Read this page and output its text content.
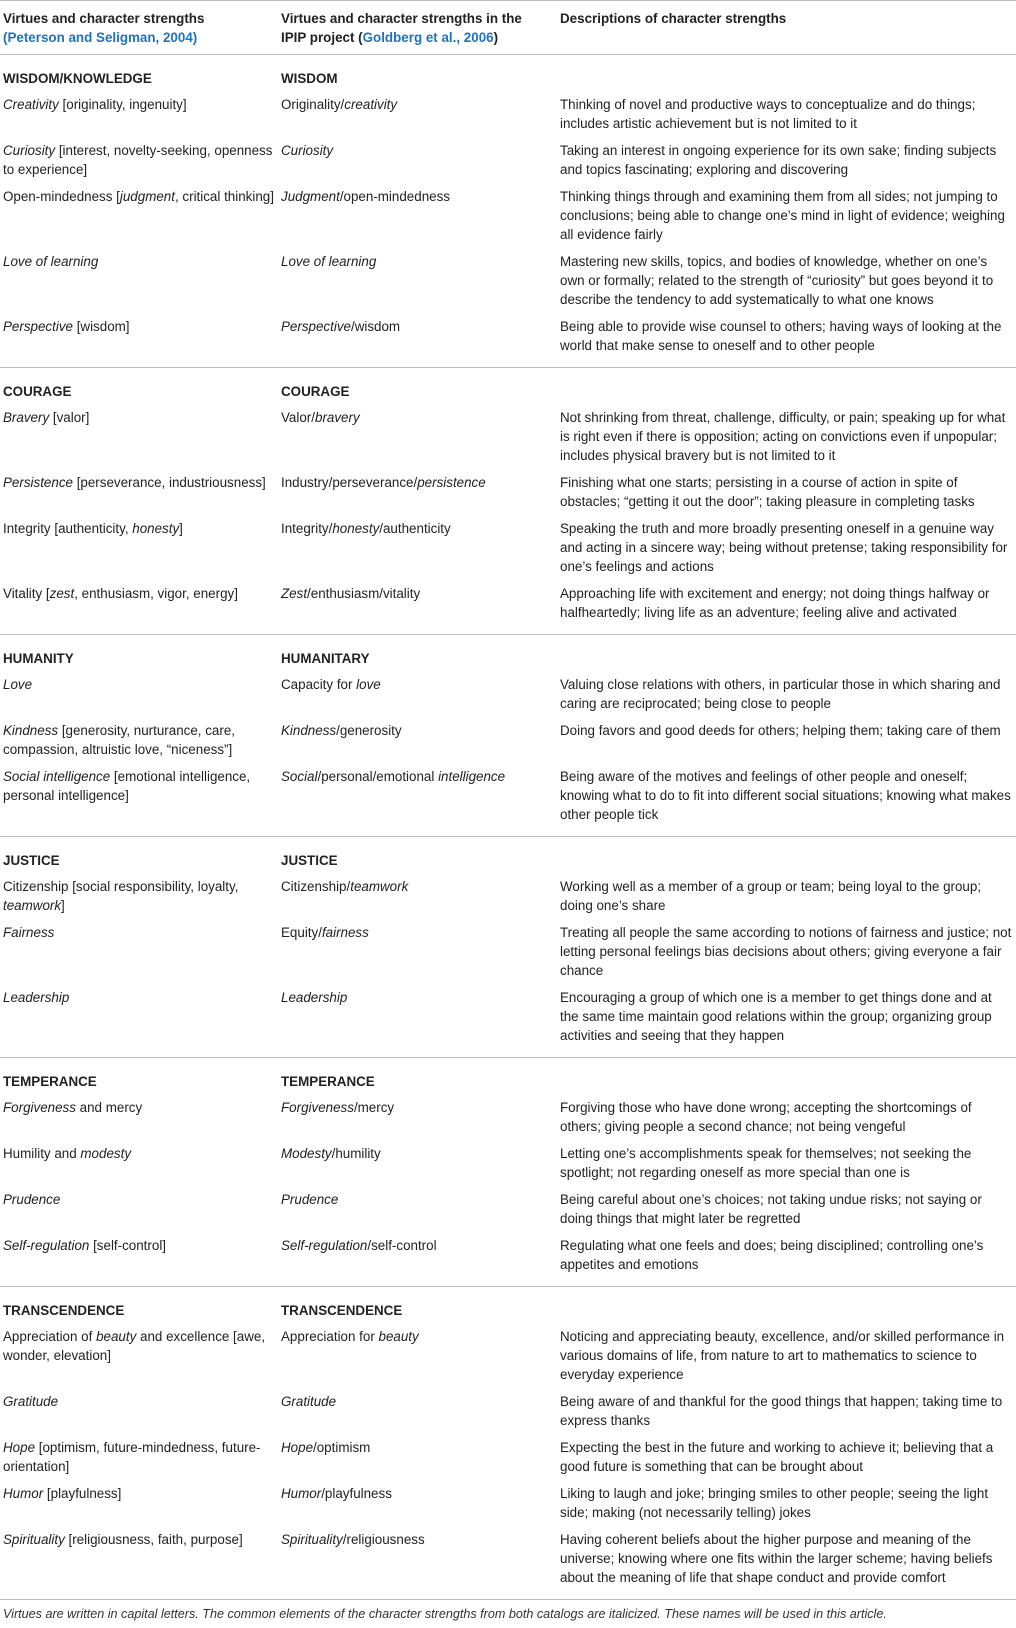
Virtues and character strengths
(Peterson and Seligman, 2004)	Virtues and character strengths in the
IPIP project (Goldberg et al., 2006)	Descriptions of character strengths
WISDOM/KNOWLEDGE	WISDOM	
Creativity [originality, ingenuity]	Originality/creativity	Thinking of novel and productive ways to conceptualize and do things; includes artistic achievement but is not limited to it
Curiosity [interest, novelty-seeking, openness to experience]	Curiosity	Taking an interest in ongoing experience for its own sake; finding subjects and topics fascinating; exploring and discovering
Open-mindedness [judgment, critical thinking]	Judgment/open-mindedness	Thinking things through and examining them from all sides; not jumping to conclusions; being able to change one’s mind in light of evidence; weighing all evidence fairly
Love of learning	Love of learning	Mastering new skills, topics, and bodies of knowledge, whether on one’s own or formally; related to the strength of “curiosity” but goes beyond it to describe the tendency to add systematically to what one knows
Perspective [wisdom]	Perspective/wisdom	Being able to provide wise counsel to others; having ways of looking at the world that make sense to oneself and to other people
COURAGE	COURAGE	
Bravery [valor]	Valor/bravery	Not shrinking from threat, challenge, difficulty, or pain; speaking up for what is right even if there is opposition; acting on convictions even if unpopular; includes physical bravery but is not limited to it
Persistence [perseverance, industriousness]	Industry/perseverance/persistence	Finishing what one starts; persisting in a course of action in spite of obstacles; “getting it out the door”; taking pleasure in completing tasks
Integrity [authenticity, honesty]	Integrity/honesty/authenticity	Speaking the truth and more broadly presenting oneself in a genuine way and acting in a sincere way; being without pretense; taking responsibility for one’s feelings and actions
Vitality [zest, enthusiasm, vigor, energy]	Zest/enthusiasm/vitality	Approaching life with excitement and energy; not doing things halfway or halfheartedly; living life as an adventure; feeling alive and activated
HUMANITY	HUMANITARY	
Love	Capacity for love	Valuing close relations with others, in particular those in which sharing and caring are reciprocated; being close to people
Kindness [generosity, nurturance, care, compassion, altruistic love, “niceness”]	Kindness/generosity	Doing favors and good deeds for others; helping them; taking care of them
Social intelligence [emotional intelligence, personal intelligence]	Social/personal/emotional intelligence	Being aware of the motives and feelings of other people and oneself; knowing what to do to fit into different social situations; knowing what makes other people tick
JUSTICE	JUSTICE	
Citizenship [social responsibility, loyalty, teamwork]	Citizenship/teamwork	Working well as a member of a group or team; being loyal to the group; doing one’s share
Fairness	Equity/fairness	Treating all people the same according to notions of fairness and justice; not letting personal feelings bias decisions about others; giving everyone a fair chance
Leadership	Leadership	Encouraging a group of which one is a member to get things done and at the same time maintain good relations within the group; organizing group activities and seeing that they happen
TEMPERANCE	TEMPERANCE	
Forgiveness and mercy	Forgiveness/mercy	Forgiving those who have done wrong; accepting the shortcomings of others; giving people a second chance; not being vengeful
Humility and modesty	Modesty/humility	Letting one’s accomplishments speak for themselves; not seeking the spotlight; not regarding oneself as more special than one is
Prudence	Prudence	Being careful about one’s choices; not taking undue risks; not saying or doing things that might later be regretted
Self-regulation [self-control]	Self-regulation/self-control	Regulating what one feels and does; being disciplined; controlling one’s appetites and emotions
TRANSCENDENCE	TRANSCENDENCE	
Appreciation of beauty and excellence [awe, wonder, elevation]	Appreciation for beauty	Noticing and appreciating beauty, excellence, and/or skilled performance in various domains of life, from nature to art to mathematics to science to everyday experience
Gratitude	Gratitude	Being aware of and thankful for the good things that happen; taking time to express thanks
Hope [optimism, future-mindedness, future-orientation]	Hope/optimism	Expecting the best in the future and working to achieve it; believing that a good future is something that can be brought about
Humor [playfulness]	Humor/playfulness	Liking to laugh and joke; bringing smiles to other people; seeing the light side; making (not necessarily telling) jokes
Spirituality [religiousness, faith, purpose]	Spirituality/religiousness	Having coherent beliefs about the higher purpose and meaning of the universe; knowing where one fits within the larger scheme; having beliefs about the meaning of life that shape conduct and provide comfort
Virtues are written in capital letters. The common elements of the character strengths from both catalogs are italicized. These names will be used in this article.		
